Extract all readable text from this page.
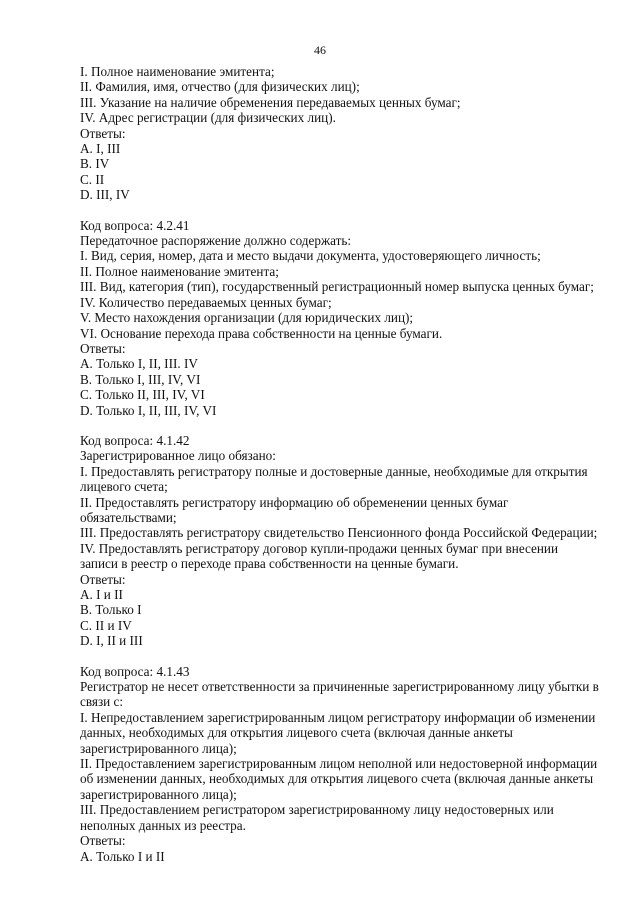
46
I. Полное наименование эмитента;
II. Фамилия, имя, отчество (для физических лиц);
III. Указание на наличие обременения передаваемых ценных бумаг;
IV. Адрес регистрации (для физических лиц).
Ответы:
A. I, III
B. IV
C. II
D. III, IV
Код вопроса: 4.2.41
Передаточное распоряжение должно содержать:
I. Вид, серия, номер, дата и место выдачи документа, удостоверяющего личность;
II. Полное наименование эмитента;
III. Вид, категория (тип), государственный регистрационный номер выпуска ценных бумаг;
IV. Количество передаваемых ценных бумаг;
V. Место нахождения организации (для юридических лиц);
VI. Основание перехода права собственности на ценные бумаги.
Ответы:
A. Только I, II, III. IV
B. Только I, III, IV, VI
C. Только II, III, IV, VI
D. Только I, II, III, IV, VI
Код вопроса: 4.1.42
Зарегистрированное лицо обязано:
I. Предоставлять регистратору полные и достоверные данные, необходимые для открытия
лицевого счета;
II. Предоставлять регистратору информацию об обременении ценных бумаг
обязательствами;
III. Предоставлять регистратору свидетельство Пенсионного фонда Российской Федерации;
IV. Предоставлять регистратору договор купли-продажи ценных бумаг при внесении
записи в реестр о переходе права собственности на ценные бумаги.
Ответы:
A. I и II
B. Только I
C. II и IV
D. I, II и III
Код вопроса: 4.1.43
Регистратор не несет ответственности за причиненные зарегистрированному лицу убытки в
связи с:
I. Непредоставлением зарегистрированным лицом регистратору информации об изменении
данных, необходимых для открытия лицевого счета (включая данные анкеты
зарегистрированного лица);
II. Предоставлением зарегистрированным лицом неполной или недостоверной информации
об изменении данных, необходимых для открытия лицевого счета (включая данные анкеты
зарегистрированного лица);
III. Предоставлением регистратором зарегистрированному лицу недостоверных или
неполных данных из реестра.
Ответы:
A. Только I и II
